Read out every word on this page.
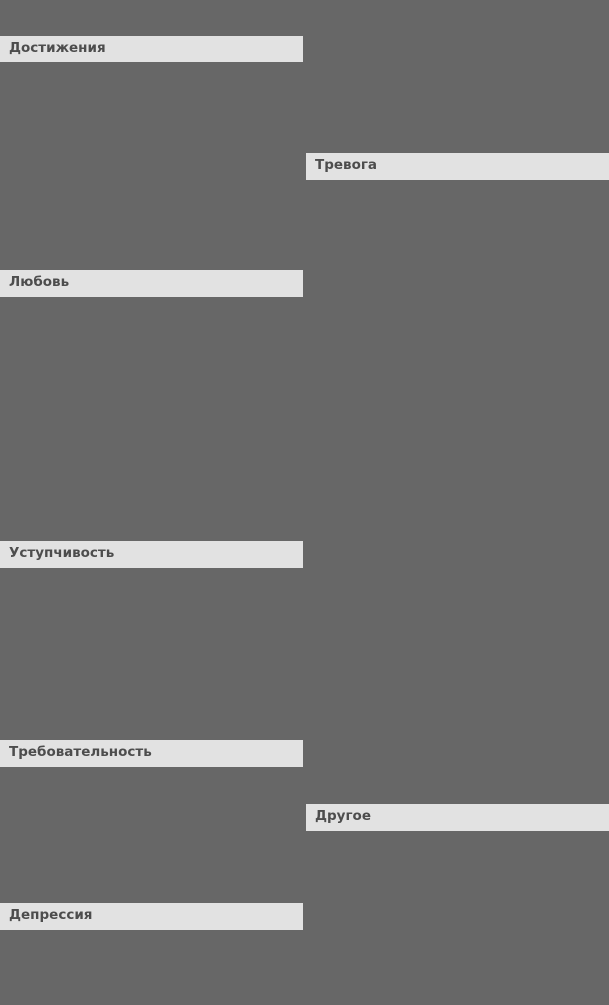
Достижения
Тревога
Любовь
Уступчивость
Требовательность
Другое
Депрессия
